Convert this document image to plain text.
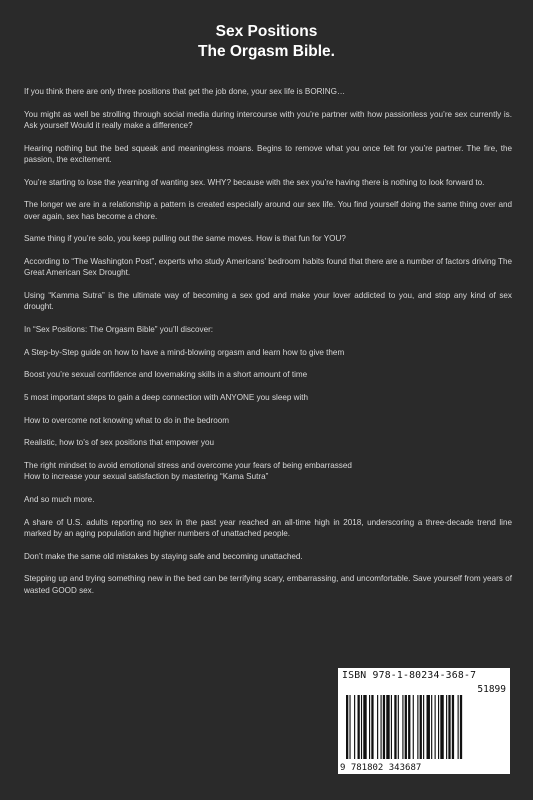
Sex Positions
The Orgasm Bible.

If you think there are only three positions that get the job done, your sex life is BORING…

You might as well be strolling through social media during intercourse with you’re partner with how passionless you’re sex currently is. Ask yourself Would it really make a difference?

Hearing nothing but the bed squeak and meaningless moans. Begins to remove what you once felt for you’re partner. The fire, the passion, the excitement.

You’re starting to lose the yearning of wanting sex. WHY? because with the sex you’re having there is nothing to look forward to.

The longer we are in a relationship a pattern is created especially around our sex life. You find yourself doing the same thing over and over again, sex has become a chore.

Same thing if you’re solo, you keep pulling out the same moves. How is that fun for YOU?

According to “The Washington Post”, experts who study Americans’ bedroom habits found that there are a number of factors driving The Great American Sex Drought.

Using “Kamma Sutra” is the ultimate way of becoming a sex god and make your lover addicted to you, and stop any kind of sex drought.

In “Sex Positions: The Orgasm Bible” you’ll discover:

A Step-by-Step guide on how to have a mind-blowing orgasm and learn how to give them

Boost you’re sexual confidence and lovemaking skills in a short amount of time

5 most important steps to gain a deep connection with ANYONE you sleep with

How to overcome not knowing what to do in the bedroom

Realistic, how to’s of sex positions that empower you

The right mindset to avoid emotional stress and overcome your fears of being embarrassed

How to increase your sexual satisfaction by mastering “Kama Sutra”

And so much more.

A share of U.S. adults reporting no sex in the past year reached an all-time high in 2018, underscoring a three-decade trend line marked by an aging population and higher numbers of unattached people.

Don’t make the same old mistakes by staying safe and becoming unattached.

Stepping up and trying something new in the bed can be terrifying scary, embarrassing, and uncomfortable. Save yourself from years of wasted GOOD sex.

ISBN 978-1-80234-368-7
51899
9 781802 343687
